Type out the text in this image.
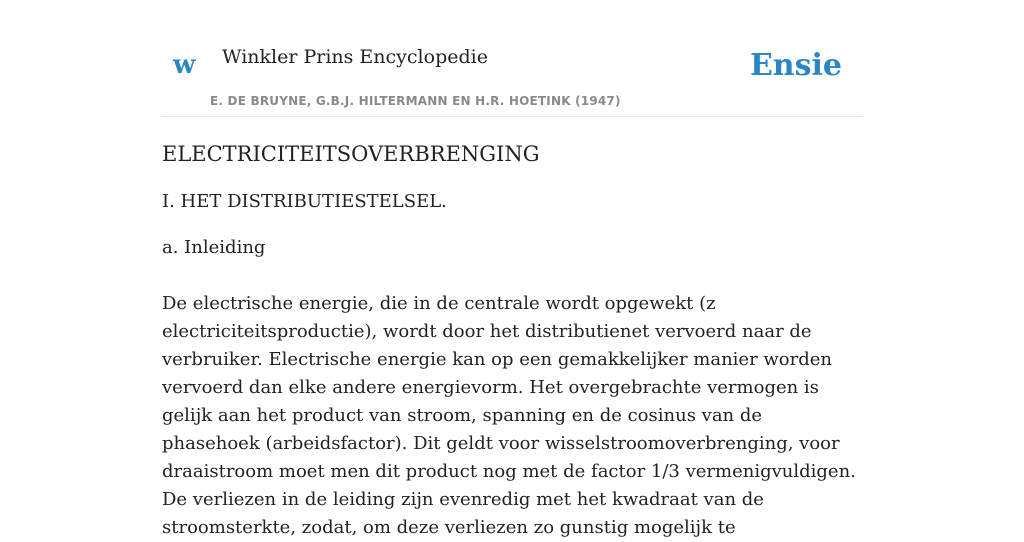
w Winkler Prins Encyclopedie
E. DE BRUYNE, G.B.J. HILTERMANN EN H.R. HOETINK (1947)
Ensie
ELECTRICITEITSOVERBRENGING
I. HET DISTRIBUTIESTELSEL.
a. Inleiding

De electrische energie, die in de centrale wordt opgewekt (z electriciteitsproductie), wordt door het distributienet vervoerd naar de verbruiker. Electrische energie kan op een gemakkelijker manier worden vervoerd dan elke andere energievorm. Het overgebrachte vermogen is gelijk aan het product van stroom, spanning en de cosinus van de phasehoek (arbeidsfactor). Dit geldt voor wisselstroomoverbrenging, voor draaistroom moet men dit product nog met de factor 1/3 vermenigvuldigen. De verliezen in de leiding zijn evenredig met het kwadraat van de stroomsterkte, zodat, om deze verliezen zo gunstig mogelijk te
